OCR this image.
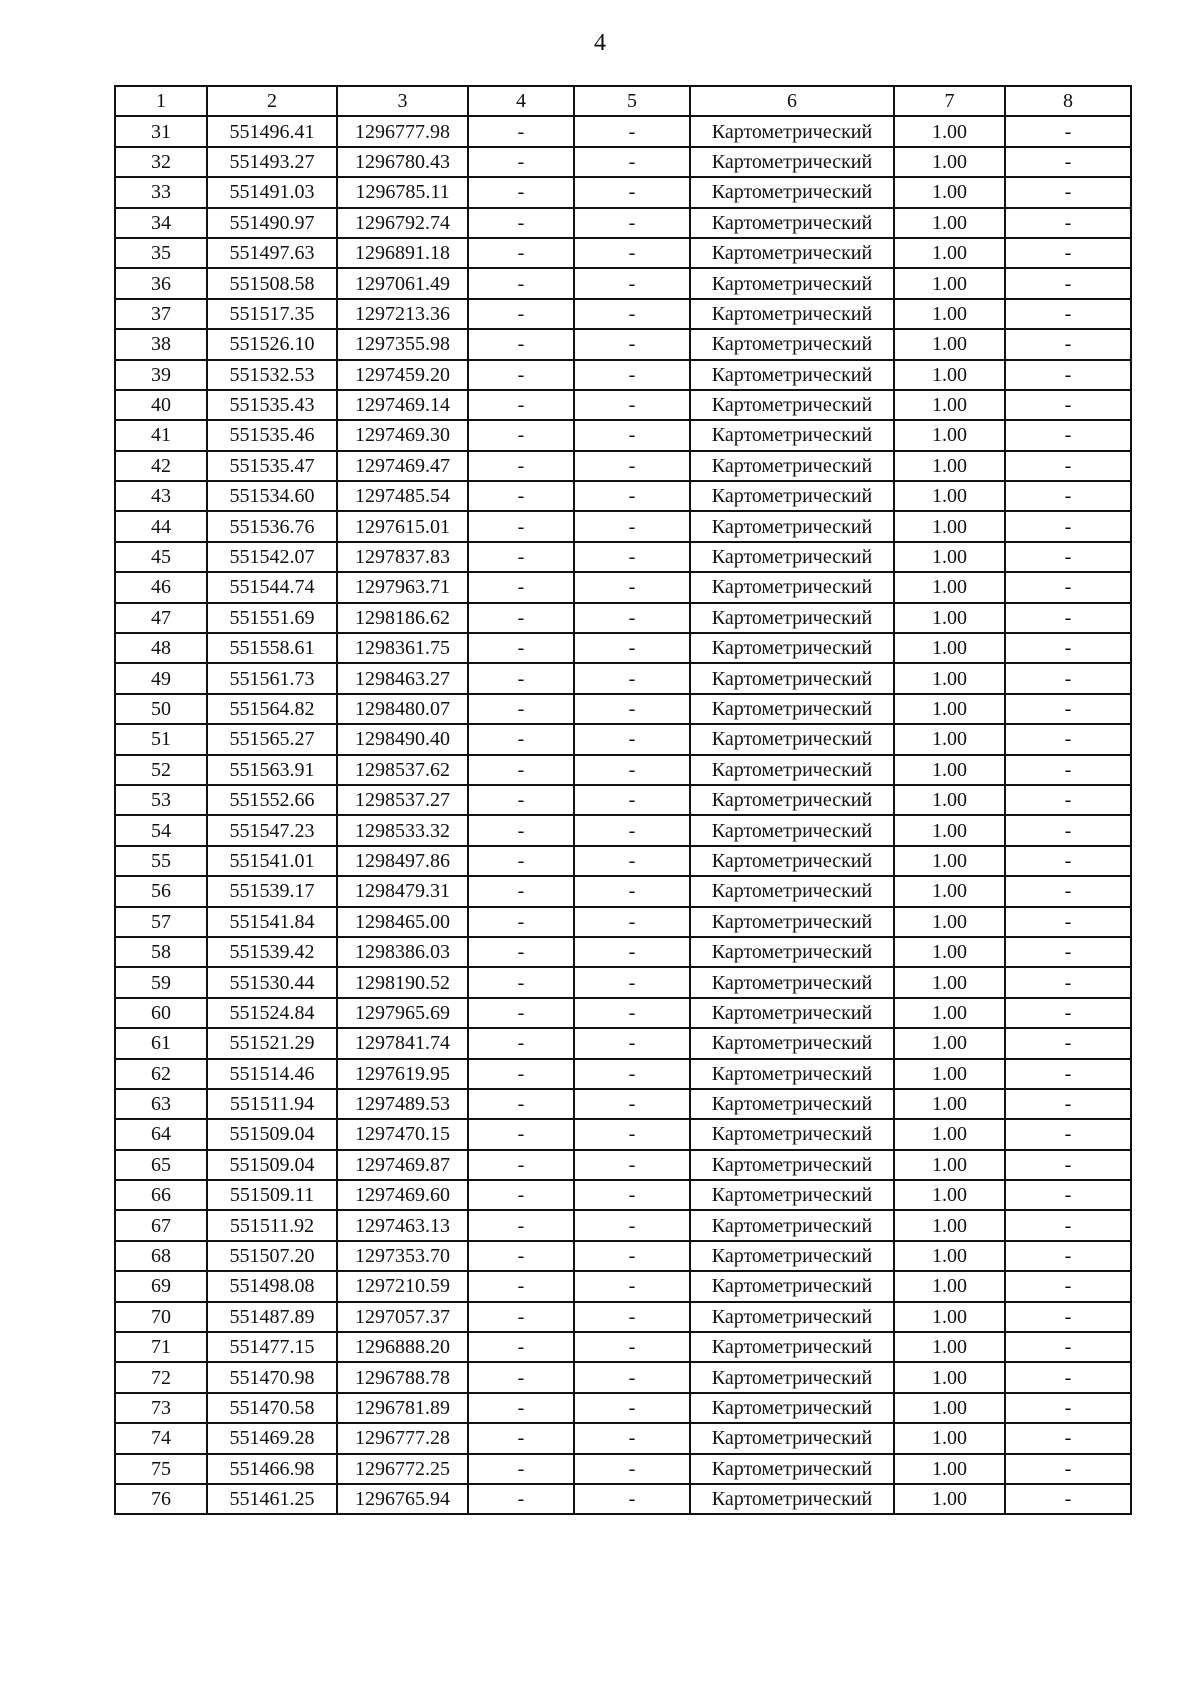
4
1	2	3	4	5	6	7	8
31	551496.41	1296777.98	-	-	Картометрический	1.00	-
32	551493.27	1296780.43	-	-	Картометрический	1.00	-
33	551491.03	1296785.11	-	-	Картометрический	1.00	-
34	551490.97	1296792.74	-	-	Картометрический	1.00	-
35	551497.63	1296891.18	-	-	Картометрический	1.00	-
36	551508.58	1297061.49	-	-	Картометрический	1.00	-
37	551517.35	1297213.36	-	-	Картометрический	1.00	-
38	551526.10	1297355.98	-	-	Картометрический	1.00	-
39	551532.53	1297459.20	-	-	Картометрический	1.00	-
40	551535.43	1297469.14	-	-	Картометрический	1.00	-
41	551535.46	1297469.30	-	-	Картометрический	1.00	-
42	551535.47	1297469.47	-	-	Картометрический	1.00	-
43	551534.60	1297485.54	-	-	Картометрический	1.00	-
44	551536.76	1297615.01	-	-	Картометрический	1.00	-
45	551542.07	1297837.83	-	-	Картометрический	1.00	-
46	551544.74	1297963.71	-	-	Картометрический	1.00	-
47	551551.69	1298186.62	-	-	Картометрический	1.00	-
48	551558.61	1298361.75	-	-	Картометрический	1.00	-
49	551561.73	1298463.27	-	-	Картометрический	1.00	-
50	551564.82	1298480.07	-	-	Картометрический	1.00	-
51	551565.27	1298490.40	-	-	Картометрический	1.00	-
52	551563.91	1298537.62	-	-	Картометрический	1.00	-
53	551552.66	1298537.27	-	-	Картометрический	1.00	-
54	551547.23	1298533.32	-	-	Картометрический	1.00	-
55	551541.01	1298497.86	-	-	Картометрический	1.00	-
56	551539.17	1298479.31	-	-	Картометрический	1.00	-
57	551541.84	1298465.00	-	-	Картометрический	1.00	-
58	551539.42	1298386.03	-	-	Картометрический	1.00	-
59	551530.44	1298190.52	-	-	Картометрический	1.00	-
60	551524.84	1297965.69	-	-	Картометрический	1.00	-
61	551521.29	1297841.74	-	-	Картометрический	1.00	-
62	551514.46	1297619.95	-	-	Картометрический	1.00	-
63	551511.94	1297489.53	-	-	Картометрический	1.00	-
64	551509.04	1297470.15	-	-	Картометрический	1.00	-
65	551509.04	1297469.87	-	-	Картометрический	1.00	-
66	551509.11	1297469.60	-	-	Картометрический	1.00	-
67	551511.92	1297463.13	-	-	Картометрический	1.00	-
68	551507.20	1297353.70	-	-	Картометрический	1.00	-
69	551498.08	1297210.59	-	-	Картометрический	1.00	-
70	551487.89	1297057.37	-	-	Картометрический	1.00	-
71	551477.15	1296888.20	-	-	Картометрический	1.00	-
72	551470.98	1296788.78	-	-	Картометрический	1.00	-
73	551470.58	1296781.89	-	-	Картометрический	1.00	-
74	551469.28	1296777.28	-	-	Картометрический	1.00	-
75	551466.98	1296772.25	-	-	Картометрический	1.00	-
76	551461.25	1296765.94	-	-	Картометрический	1.00	-
